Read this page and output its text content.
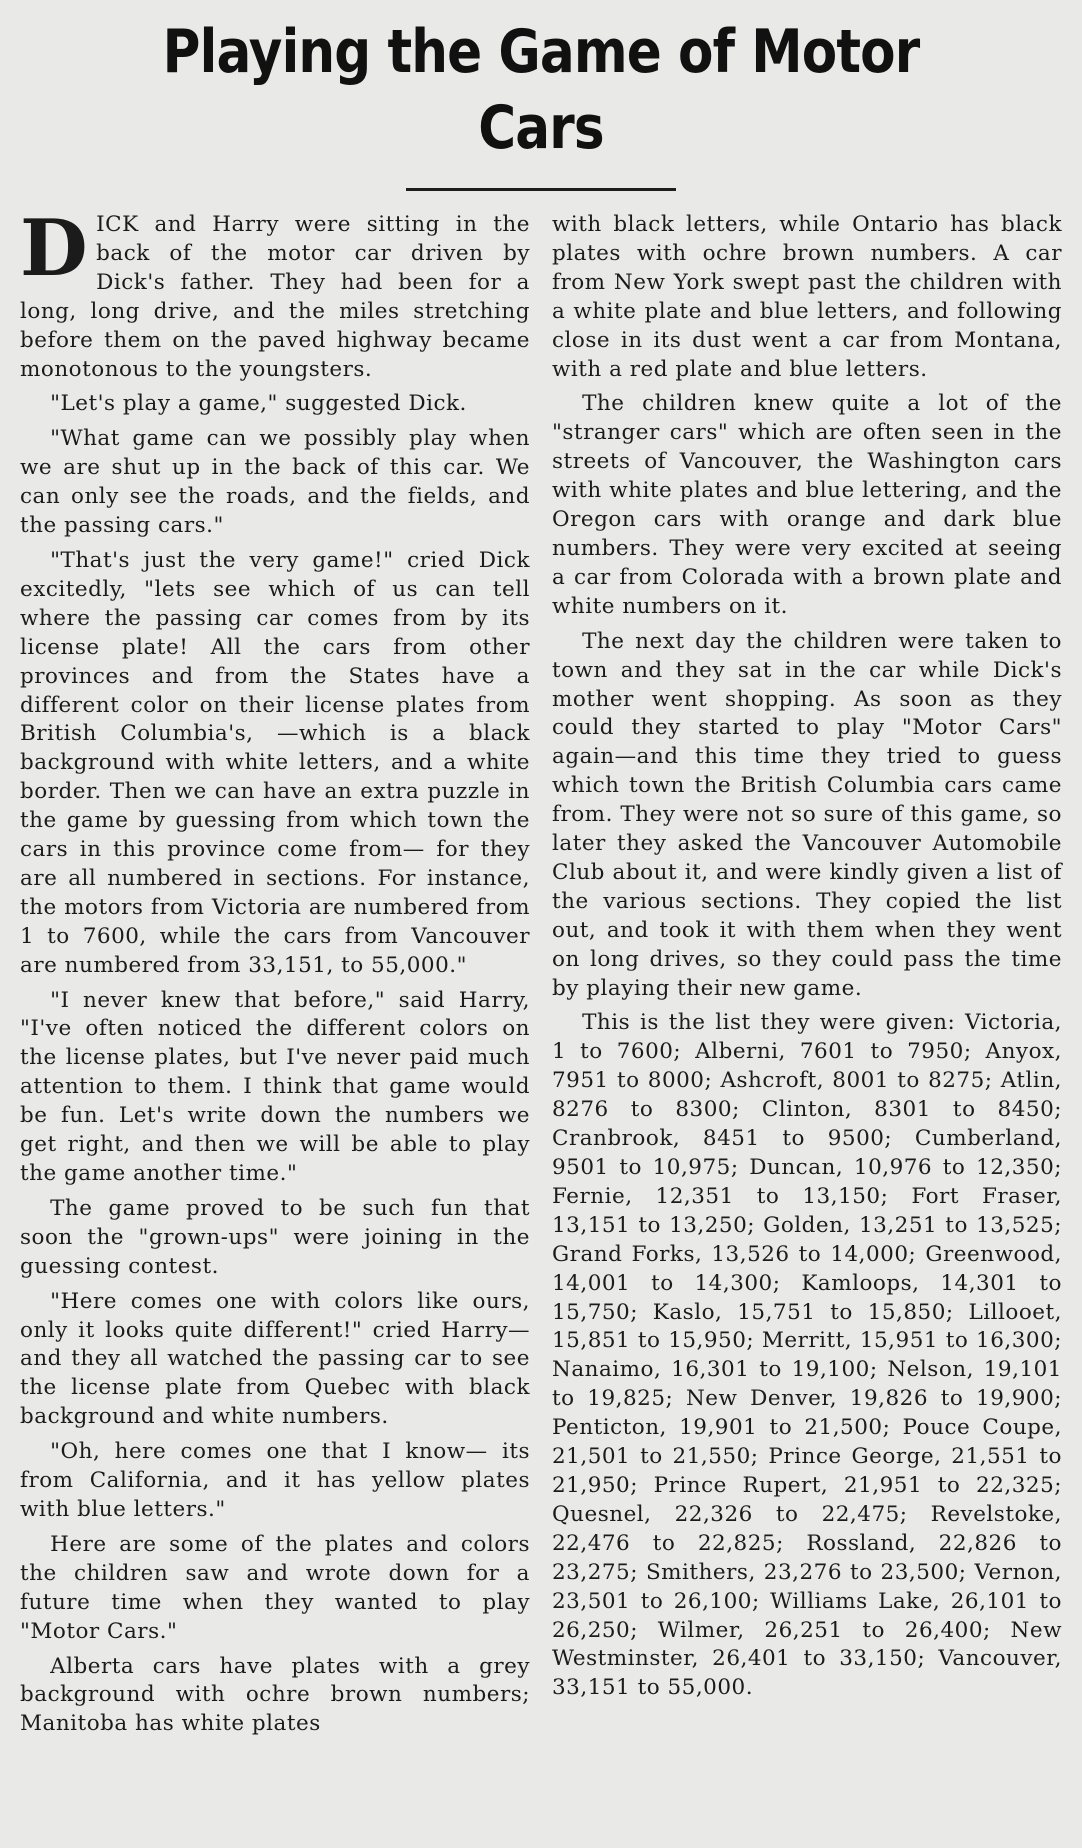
Playing the Game of Motor Cars

DICK and Harry were sitting in the back of the motor car driven by Dick's father. They had been for a long, long drive, and the miles stretching before them on the paved highway became monotonous to the youngsters.

"Let's play a game," suggested Dick.

"What game can we possibly play when we are shut up in the back of this car. We can only see the roads, and the fields, and the passing cars."

"That's just the very game!" cried Dick excitedly, "lets see which of us can tell where the passing car comes from by its license plate! All the cars from other provinces and from the States have a different color on their license plates from British Columbia's, —which is a black background with white letters, and a white border. Then we can have an extra puzzle in the game by guessing from which town the cars in this province come from— for they are all numbered in sections. For instance, the motors from Victoria are numbered from 1 to 7600, while the cars from Vancouver are numbered from 33,151, to 55,000."

"I never knew that before," said Harry, "I've often noticed the different colors on the license plates, but I've never paid much attention to them. I think that game would be fun. Let's write down the numbers we get right, and then we will be able to play the game another time."

The game proved to be such fun that soon the "grown-ups" were joining in the guessing contest.

"Here comes one with colors like ours, only it looks quite different!" cried Harry—and they all watched the passing car to see the license plate from Quebec with black background and white numbers.

"Oh, here comes one that I know— its from California, and it has yellow plates with blue letters."

Here are some of the plates and colors the children saw and wrote down for a future time when they wanted to play "Motor Cars."

Alberta cars have plates with a grey background with ochre brown numbers; Manitoba has white plates

with black letters, while Ontario has black plates with ochre brown numbers. A car from New York swept past the children with a white plate and blue letters, and following close in its dust went a car from Montana, with a red plate and blue letters.

The children knew quite a lot of the "stranger cars" which are often seen in the streets of Vancouver, the Washington cars with white plates and blue lettering, and the Oregon cars with orange and dark blue numbers. They were very excited at seeing a car from Colorada with a brown plate and white numbers on it.

The next day the children were taken to town and they sat in the car while Dick's mother went shopping. As soon as they could they started to play "Motor Cars" again—and this time they tried to guess which town the British Columbia cars came from. They were not so sure of this game, so later they asked the Vancouver Automobile Club about it, and were kindly given a list of the various sections. They copied the list out, and took it with them when they went on long drives, so they could pass the time by playing their new game.

This is the list they were given: Victoria, 1 to 7600; Alberni, 7601 to 7950; Anyox, 7951 to 8000; Ashcroft, 8001 to 8275; Atlin, 8276 to 8300; Clinton, 8301 to 8450; Cranbrook, 8451 to 9500; Cumberland, 9501 to 10,975; Duncan, 10,976 to 12,350; Fernie, 12,351 to 13,150; Fort Fraser, 13,151 to 13,250; Golden, 13,251 to 13,525; Grand Forks, 13,526 to 14,000; Greenwood, 14,001 to 14,300; Kamloops, 14,301 to 15,750; Kaslo, 15,751 to 15,850; Lillooet, 15,851 to 15,950; Merritt, 15,951 to 16,300; Nanaimo, 16,301 to 19,100; Nelson, 19,101 to 19,825; New Denver, 19,826 to 19,900; Penticton, 19,901 to 21,500; Pouce Coupe, 21,501 to 21,550; Prince George, 21,551 to 21,950; Prince Rupert, 21,951 to 22,325; Quesnel, 22,326 to 22,475; Revelstoke, 22,476 to 22,825; Rossland, 22,826 to 23,275; Smithers, 23,276 to 23,500; Vernon, 23,501 to 26,100; Williams Lake, 26,101 to 26,250; Wilmer, 26,251 to 26,400; New Westminster, 26,401 to 33,150; Vancouver, 33,151 to 55,000.
